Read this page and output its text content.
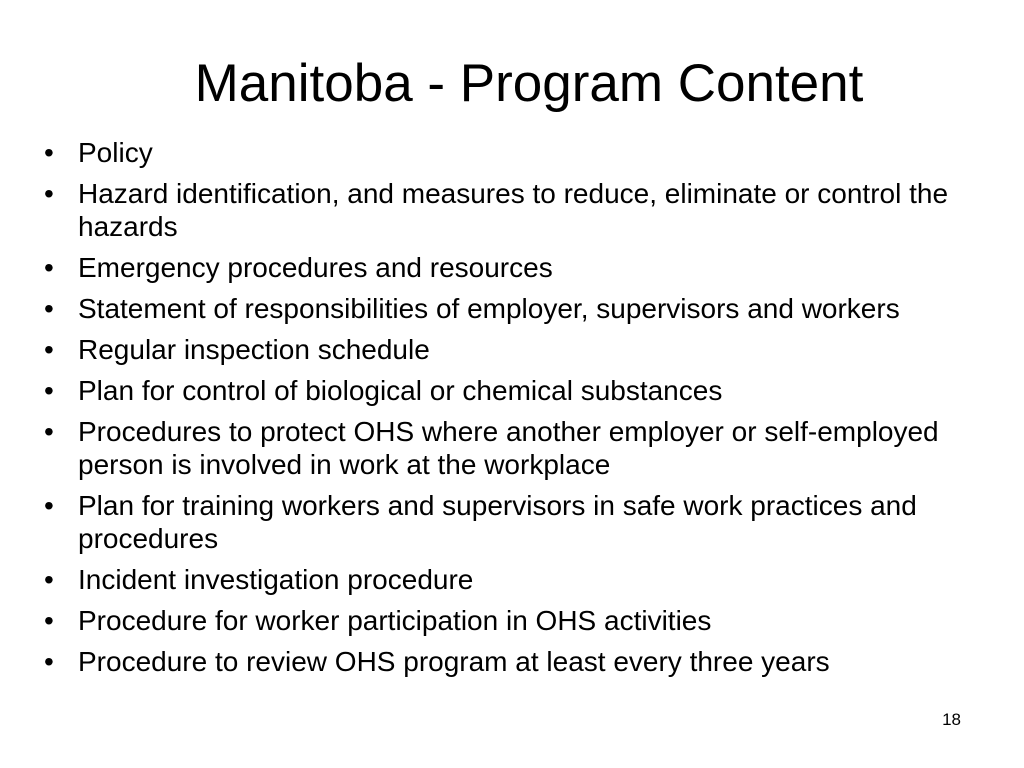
Manitoba - Program Content
• Policy
• Hazard identification, and measures to reduce, eliminate or control the hazards
• Emergency procedures and resources
• Statement of responsibilities of employer, supervisors and workers
• Regular inspection schedule
• Plan for control of biological or chemical substances
• Procedures to protect OHS where another employer or self-employed person is involved in work at the workplace
• Plan for training workers and supervisors in safe work practices and procedures
• Incident investigation procedure
• Procedure for worker participation in OHS activities
• Procedure to review OHS program at least every three years
18
